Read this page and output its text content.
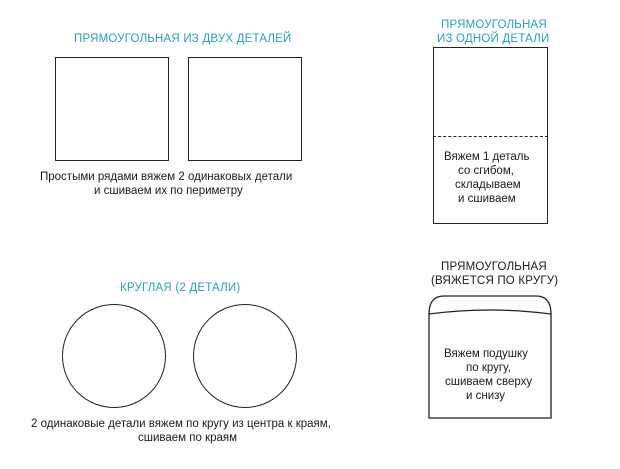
ПРЯМОУГОЛЬНАЯ ИЗ ДВУХ ДЕТАЛЕЙ
Простыми рядами вяжем 2 одинаковых детали
и сшиваем их по периметру
ПРЯМОУГОЛЬНАЯ
ИЗ ОДНОЙ ДЕТАЛИ
Вяжем 1 деталь
со сгибом,
складываем
и сшиваем
КРУГЛАЯ (2 ДЕТАЛИ)
2 одинаковые детали вяжем по кругу из центра к краям,
сшиваем по краям
ПРЯМОУГОЛЬНАЯ
(ВЯЖЕТСЯ ПО КРУГУ)
Вяжем подушку
по кругу,
сшиваем сверху
и снизу
